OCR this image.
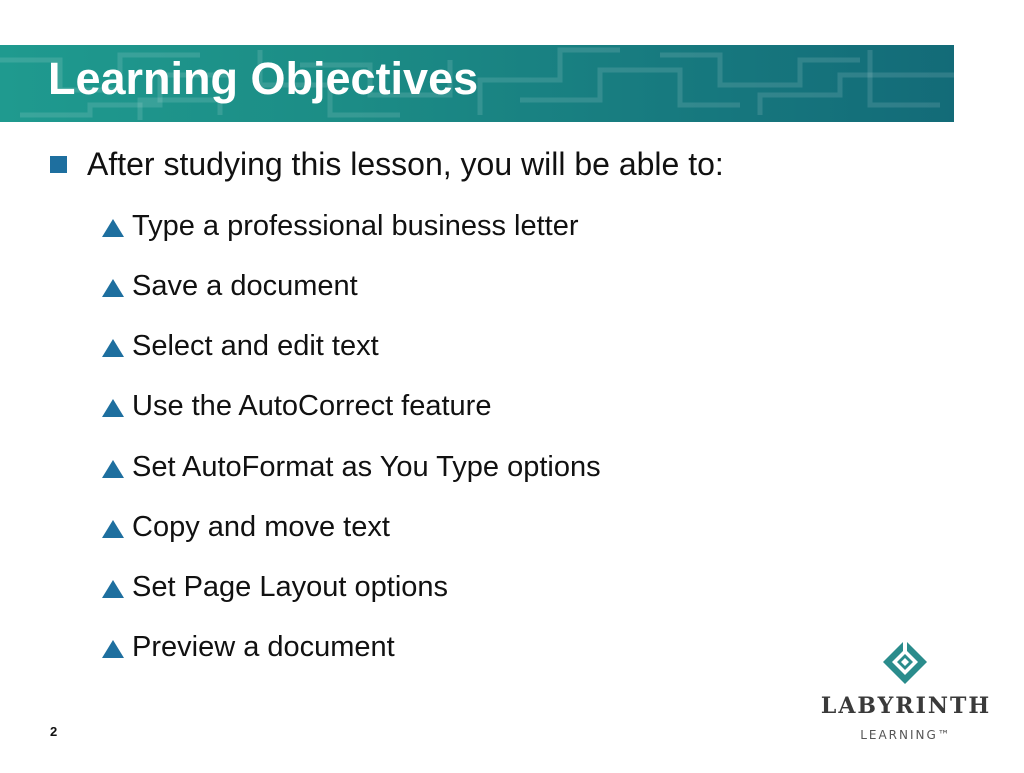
Learning Objectives
After studying this lesson, you will be able to:
Type a professional business letter
Save a document
Select and edit text
Use the AutoCorrect feature
Set AutoFormat as You Type options
Copy and move text
Set Page Layout options
Preview a document
2
LABYRINTH
LEARNING™
